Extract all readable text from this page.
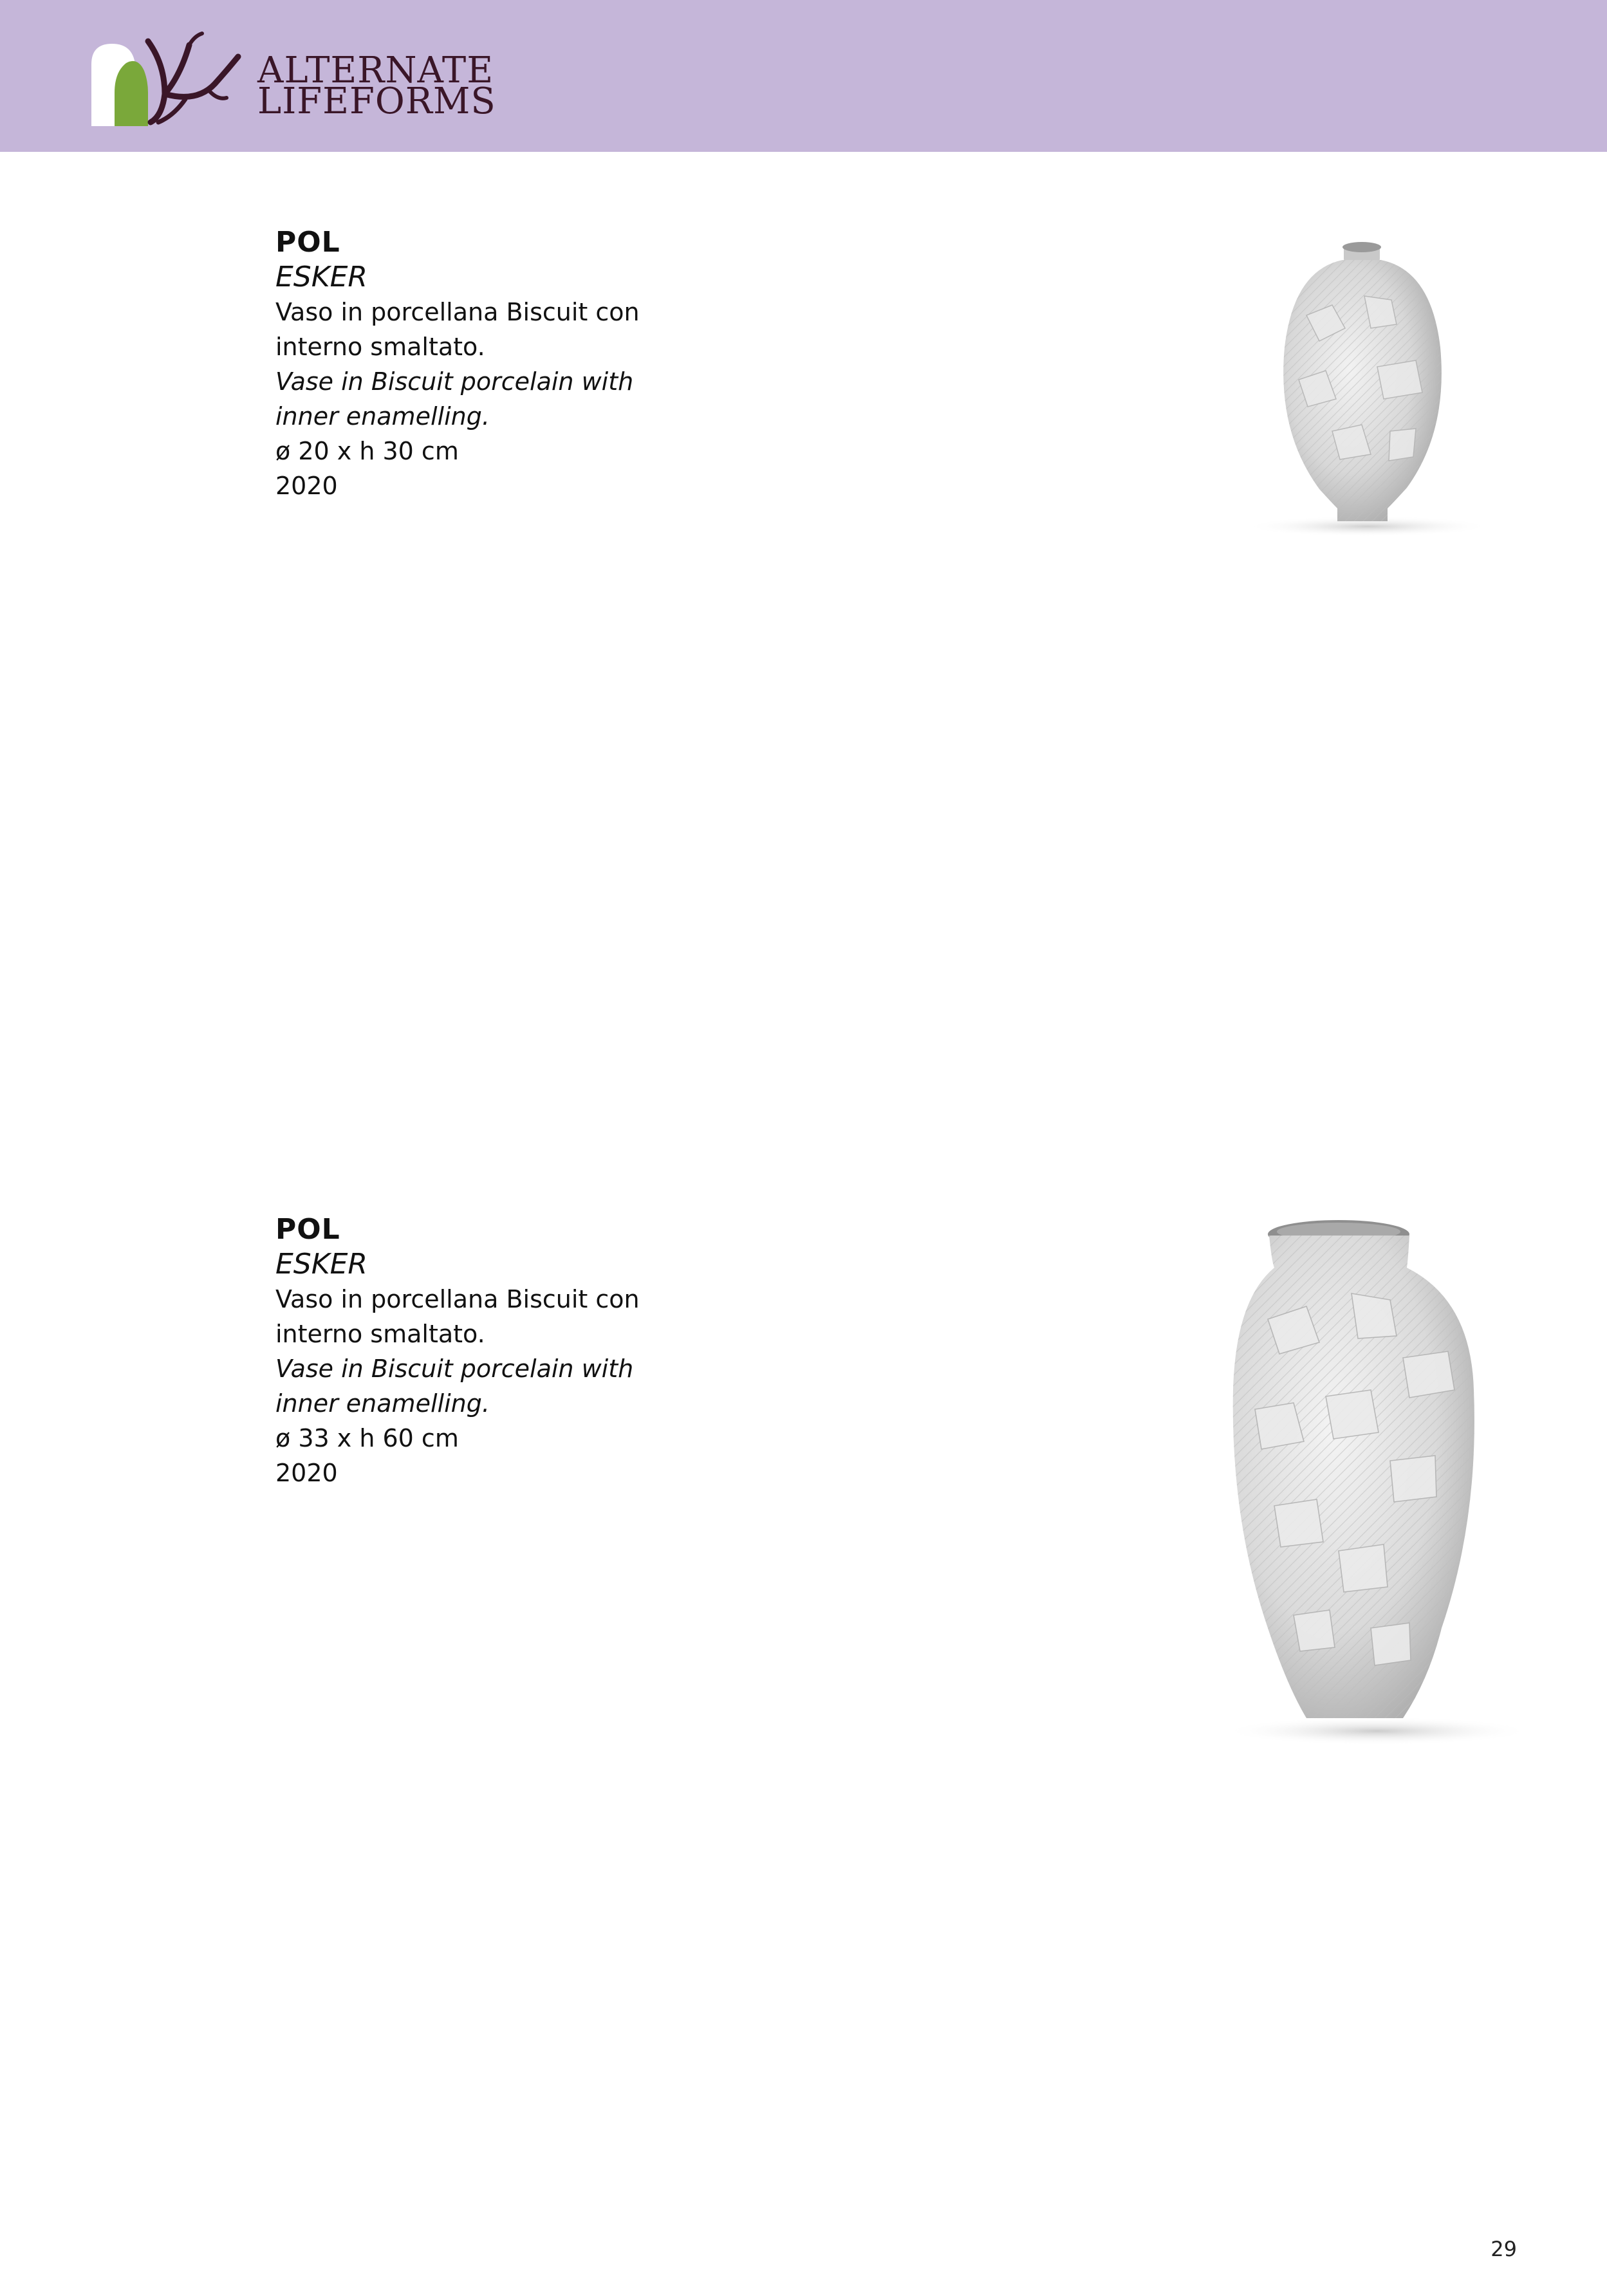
ALTERNATE
LIFEFORMS
POL
ESKER
Vaso in porcellana Biscuit con
interno smaltato.
Vase in Biscuit porcelain with
inner enamelling.
ø 20 x h 30 cm
2020
POL
ESKER
Vaso in porcellana Biscuit con
interno smaltato.
Vase in Biscuit porcelain with
inner enamelling.
ø 33 x h 60 cm
2020
29
